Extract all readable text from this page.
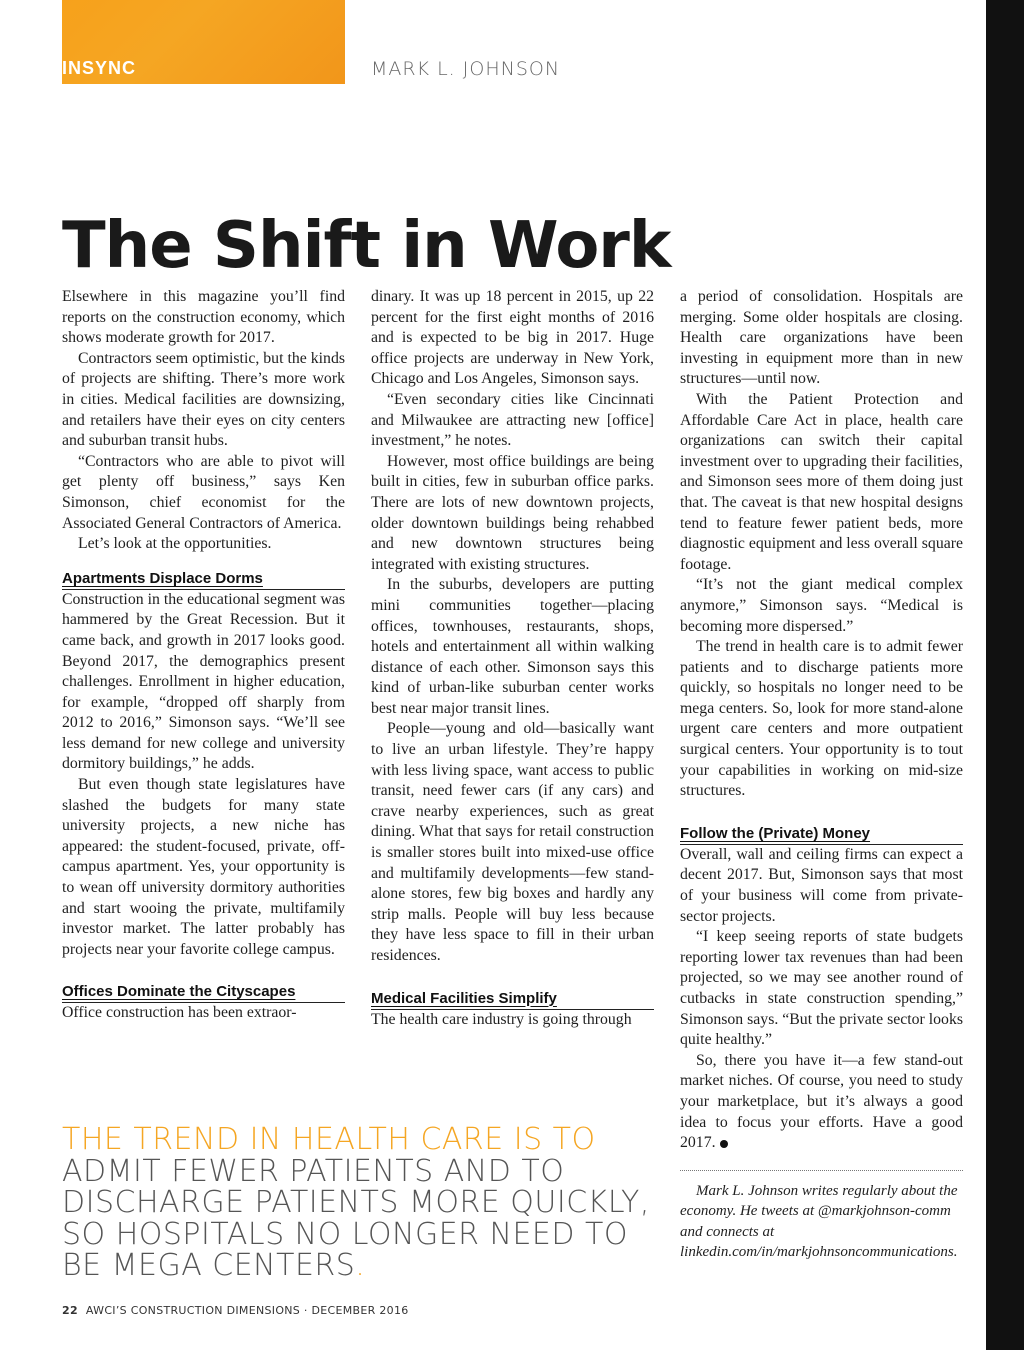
INSYNC	MARK L. JOHNSON
The Shift in Work

Elsewhere in this magazine you’ll find reports on the construction economy, which shows moderate growth for 2017.

Contractors seem optimistic, but the kinds of projects are shifting. There’s more work in cities. Medical facilities are downsizing, and retailers have their eyes on city centers and suburban transit hubs.

“Contractors who are able to pivot will get plenty off business,” says Ken Simonson, chief economist for the Associated General Contractors of America.

Let’s look at the opportunities.

Apartments Displace Dorms

Construction in the educational segment was hammered by the Great Recession. But it came back, and growth in 2017 looks good. Beyond 2017, the demographics present challenges. Enrollment in higher education, for example, “dropped off sharply from 2012 to 2016,” Simonson says. “We’ll see less demand for new college and university dormitory buildings,” he adds.

But even though state legislatures have slashed the budgets for many state university projects, a new niche has appeared: the student-focused, private, off-campus apartment. Yes, your opportunity is to wean off university dormitory authorities and start wooing the private, multifamily investor market. The latter probably has projects near your favorite college campus.

Offices Dominate the Cityscapes

Office construction has been extraor-

dinary. It was up 18 percent in 2015, up 22 percent for the first eight months of 2016 and is expected to be big in 2017. Huge office projects are underway in New York, Chicago and Los Angeles, Simonson says.

“Even secondary cities like Cincinnati and Milwaukee are attracting new [office] investment,” he notes.

However, most office buildings are being built in cities, few in suburban office parks. There are lots of new downtown projects, older downtown buildings being rehabbed and new downtown structures being integrated with existing structures.

In the suburbs, developers are putting mini communities together—placing offices, townhouses, restaurants, shops, hotels and entertainment all within walking distance of each other. Simonson says this kind of urban-like suburban center works best near major transit lines.

People—young and old—basically want to live an urban lifestyle. They’re happy with less living space, want access to public transit, need fewer cars (if any cars) and crave nearby experiences, such as great dining. What that says for retail construction is smaller stores built into mixed-use office and multifamily developments—few stand-alone stores, few big boxes and hardly any strip malls. People will buy less because they have less space to fill in their urban residences.

Medical Facilities Simplify

The health care industry is going through

a period of consolidation. Hospitals are merging. Some older hospitals are closing. Health care organizations have been investing in equipment more than in new structures—until now.

With the Patient Protection and Affordable Care Act in place, health care organizations can switch their capital investment over to upgrading their facilities, and Simonson sees more of them doing just that. The caveat is that new hospital designs tend to feature fewer patient beds, more diagnostic equipment and less overall square footage.

“It’s not the giant medical complex anymore,” Simonson says. “Medical is becoming more dispersed.”

The trend in health care is to admit fewer patients and to discharge patients more quickly, so hospitals no longer need to be mega centers. So, look for more stand-alone urgent care centers and more outpatient surgical centers. Your opportunity is to tout your capabilities in working on mid-size structures.

Follow the (Private) Money

Overall, wall and ceiling firms can expect a decent 2017. But, Simonson says that most of your business will come from private-sector projects.

“I keep seeing reports of state budgets reporting lower tax revenues than had been projected, so we may see another round of cutbacks in state construction spending,” Simonson says. “But the private sector looks quite healthy.”

So, there you have it—a few stand-out market niches. Of course, you need to study your marketplace, but it’s always a good idea to focus your efforts. Have a good 2017.

Mark L. Johnson writes regularly about the economy. He tweets at @markjohnson-comm and connects at linkedin.com/in/markjohnsoncommunications.

THE TREND IN HEALTH CARE IS TO
ADMIT FEWER PATIENTS AND TO DISCHARGE PATIENTS MORE QUICKLY, SO HOSPITALS NO LONGER NEED TO BE MEGA CENTERS.
22 AWCI’S CONSTRUCTION DIMENSIONS · DECEMBER 2016
